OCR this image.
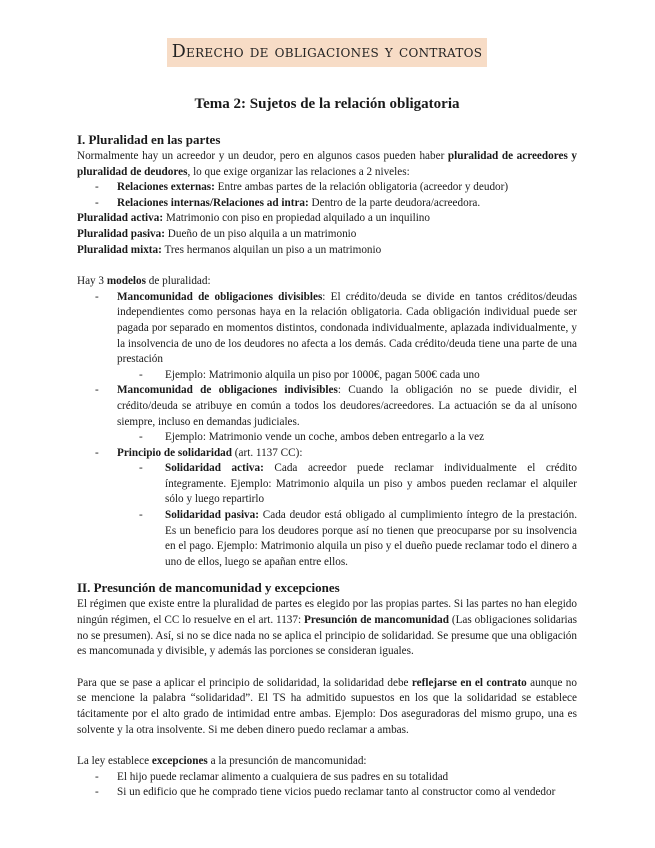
Derecho de obligaciones y contratos
Tema 2: Sujetos de la relación obligatoria
I. Pluralidad en las partes

Normalmente hay un acreedor y un deudor, pero en algunos casos pueden haber pluralidad de acreedores y pluralidad de deudores, lo que exige organizar las relaciones a 2 niveles:

-	Relaciones externas: Entre ambas partes de la relación obligatoria (acreedor y deudor)
-	Relaciones internas/Relaciones ad intra: Dentro de la parte deudora/acreedora.

Pluralidad activa: Matrimonio con piso en propiedad alquilado a un inquilino

Pluralidad pasiva: Dueño de un piso alquila a un matrimonio

Pluralidad mixta: Tres hermanos alquilan un piso a un matrimonio

Hay 3 modelos de pluralidad:

-	Mancomunidad de obligaciones divisibles: El crédito/deuda se divide en tantos créditos/deudas independientes como personas haya en la relación obligatoria. Cada obligación individual puede ser pagada por separado en momentos distintos, condonada individualmente, aplazada individualmente, y la insolvencia de uno de los deudores no afecta a los demás. Cada crédito/deuda tiene una parte de una prestación
-	Ejemplo: Matrimonio alquila un piso por 1000€, pagan 500€ cada uno
-	Mancomunidad de obligaciones indivisibles: Cuando la obligación no se puede dividir, el crédito/deuda se atribuye en común a todos los deudores/acreedores. La actuación se da al unísono siempre, incluso en demandas judiciales.
-	Ejemplo: Matrimonio vende un coche, ambos deben entregarlo a la vez
-	Principio de solidaridad (art. 1137 CC):
-	Solidaridad activa: Cada acreedor puede reclamar individualmente el crédito íntegramente. Ejemplo: Matrimonio alquila un piso y ambos pueden reclamar el alquiler sólo y luego repartirlo
-	Solidaridad pasiva: Cada deudor está obligado al cumplimiento íntegro de la prestación. Es un beneficio para los deudores porque así no tienen que preocuparse por su insolvencia en el pago. Ejemplo: Matrimonio alquila un piso y el dueño puede reclamar todo el dinero a uno de ellos, luego se apañan entre ellos.
II. Presunción de mancomunidad y excepciones

El régimen que existe entre la pluralidad de partes es elegido por las propias partes. Si las partes no han elegido ningún régimen, el CC lo resuelve en el art. 1137: Presunción de mancomunidad (Las obligaciones solidarias no se presumen). Así, si no se dice nada no se aplica el principio de solidaridad. Se presume que una obligación es mancomunada y divisible, y además las porciones se consideran iguales.

Para que se pase a aplicar el principio de solidaridad, la solidaridad debe reflejarse en el contrato aunque no se mencione la palabra “solidaridad”. El TS ha admitido supuestos en los que la solidaridad se establece tácitamente por el alto grado de intimidad entre ambas. Ejemplo: Dos aseguradoras del mismo grupo, una es solvente y la otra insolvente. Si me deben dinero puedo reclamar a ambas.

La ley establece excepciones a la presunción de mancomunidad:

-	El hijo puede reclamar alimento a cualquiera de sus padres en su totalidad
-	Si un edificio que he comprado tiene vicios puedo reclamar tanto al constructor como al vendedor
